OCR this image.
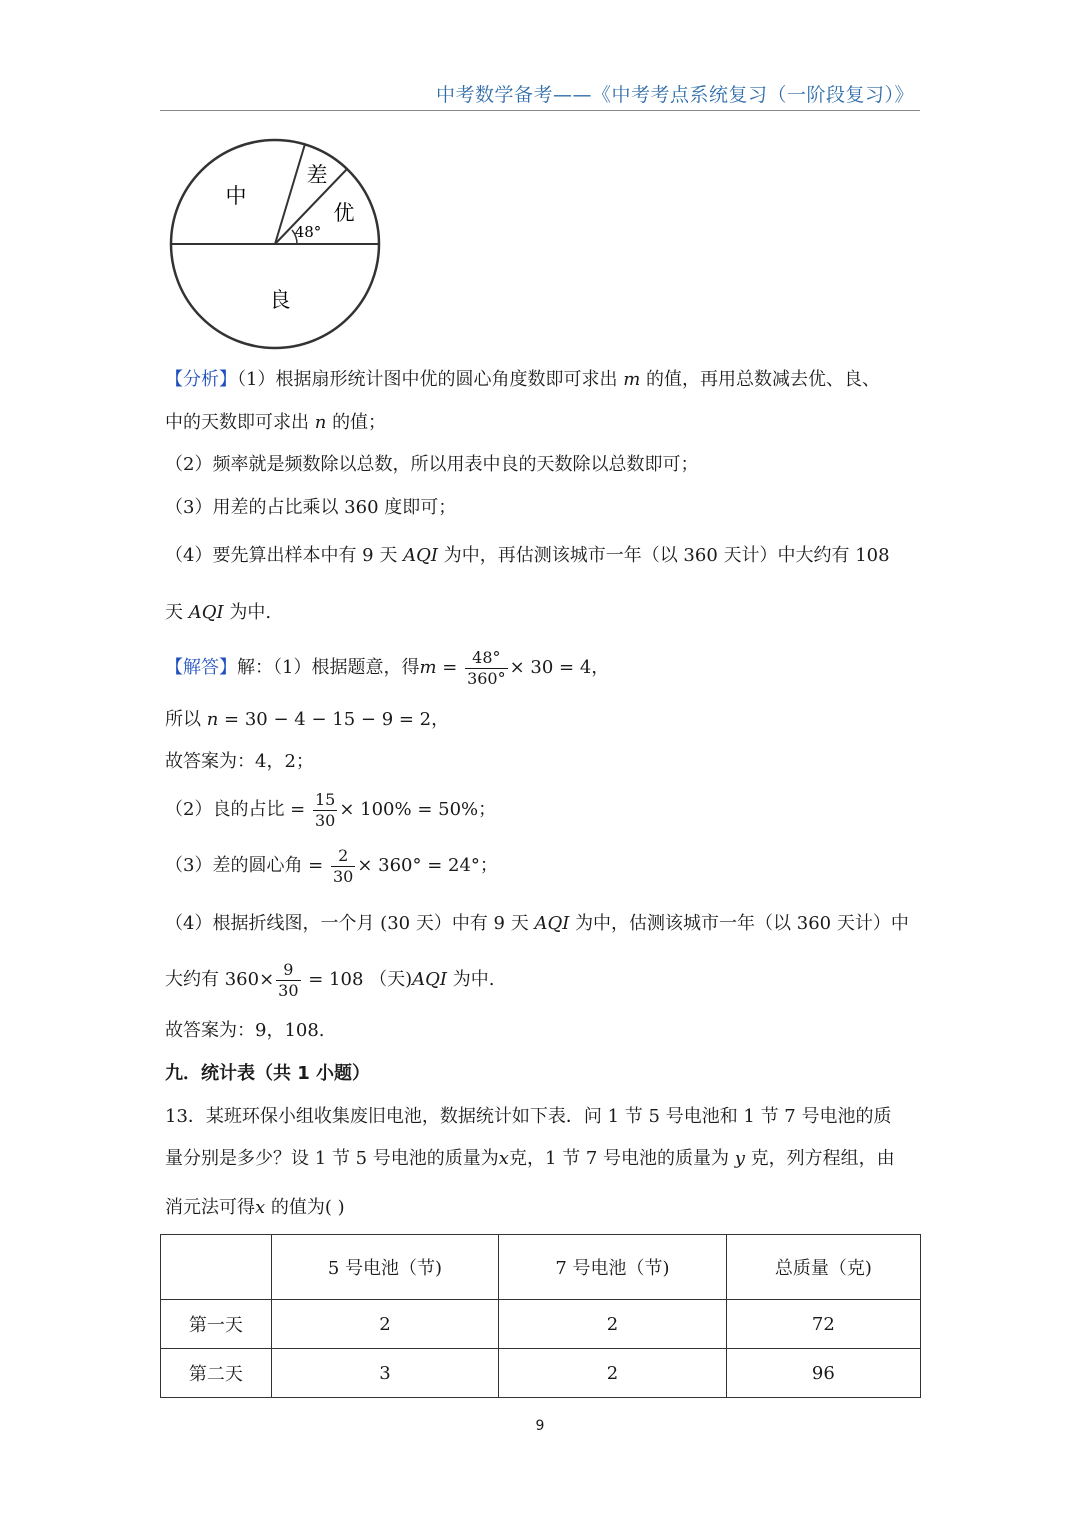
中考数学备考——《中考考点系统复习（一阶段复习）》
中
差
优
良
48°
【分析】（1）根据扇形统计图中优的圆心角度数即可求出 m 的值，再用总数减去优、良、
中的天数即可求出 n 的值；
（2）频率就是频数除以总数，所以用表中良的天数除以总数即可；
（3）用差的占比乘以 360 度即可；
（4）要先算出样本中有 9 天 AQI 为中，再估测该城市一年（以 360 天计）中大约有 108
天 AQI 为中.
【解答】解：（1）根据题意，得$m = \frac{48^\circ}{360^\circ} \times 30 = 4$，
所以 n = 30 − 4 − 15 − 9 = 2，
故答案为：4，2；
（2）良的占比 = $\frac{15}{30} \times 100\% = 50\%$；
（3）差的圆心角 = $\frac{2}{30} \times 360^\circ = 24^\circ$；
（4）根据折线图，一个月 (30 天）中有 9 天 AQI 为中，估测该城市一年（以 360 天计）中
大约有 $360\times \frac{9}{30} = 108$ （天)AQI 为中.
故答案为：9，108.
九．统计表（共 1 小题）
13．某班环保小组收集废旧电池，数据统计如下表．问 1 节 5 号电池和 1 节 7 号电池的质
量分别是多少？设 1 节 5 号电池的质量为x克，1 节 7 号电池的质量为 y 克，列方程组，由
消元法可得x 的值为( )
	5 号电池（节)	7 号电池（节)	总质量（克)
第一天	2	2	72
第二天	3	2	96
9
